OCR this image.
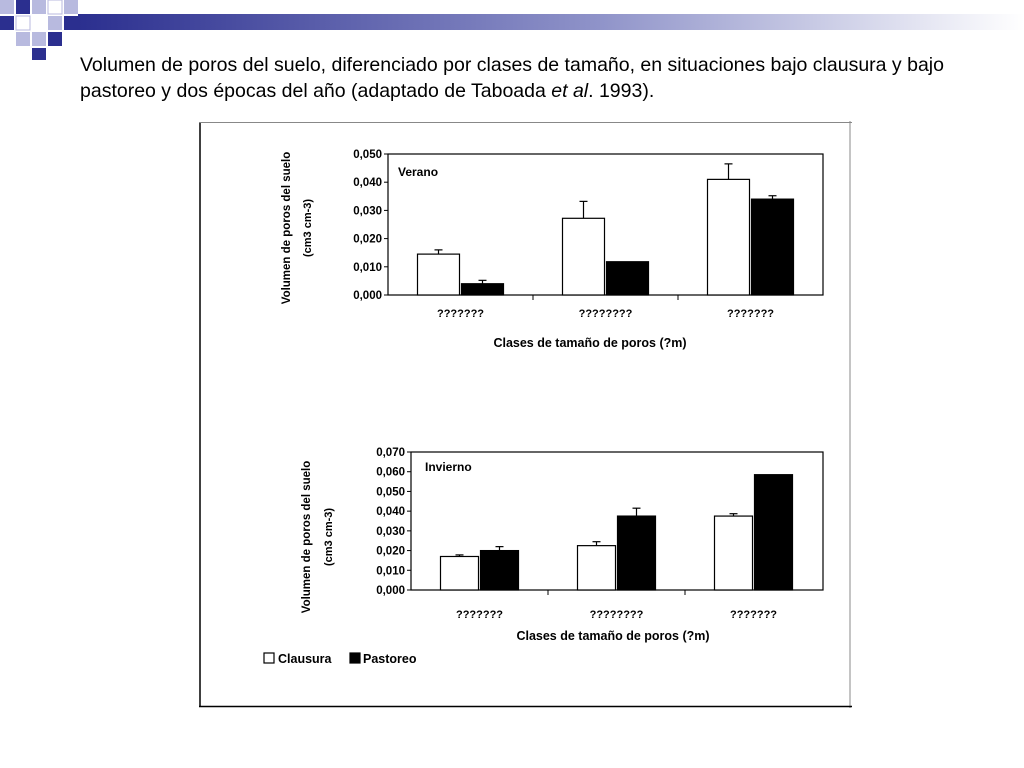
Volumen de poros del suelo, diferenciado por clases de tamaño, en situaciones bajo clausura y bajo pastoreo y dos épocas del año (adaptado de Taboada et al. 1993).
0,000
0,010
0,020
0,030
0,040
0,050
Verano
???????	????????	???????
Clases de tamaño de poros (?m)
Volumen de poros del suelo (cm3 cm-3)
0,000
0,010
0,020
0,030
0,040
0,050
0,060
0,070
Invierno
???????	????????	???????
Clases de tamaño de poros (?m)
Volumen de poros del suelo (cm3 cm-3)
Clausura	Pastoreo
